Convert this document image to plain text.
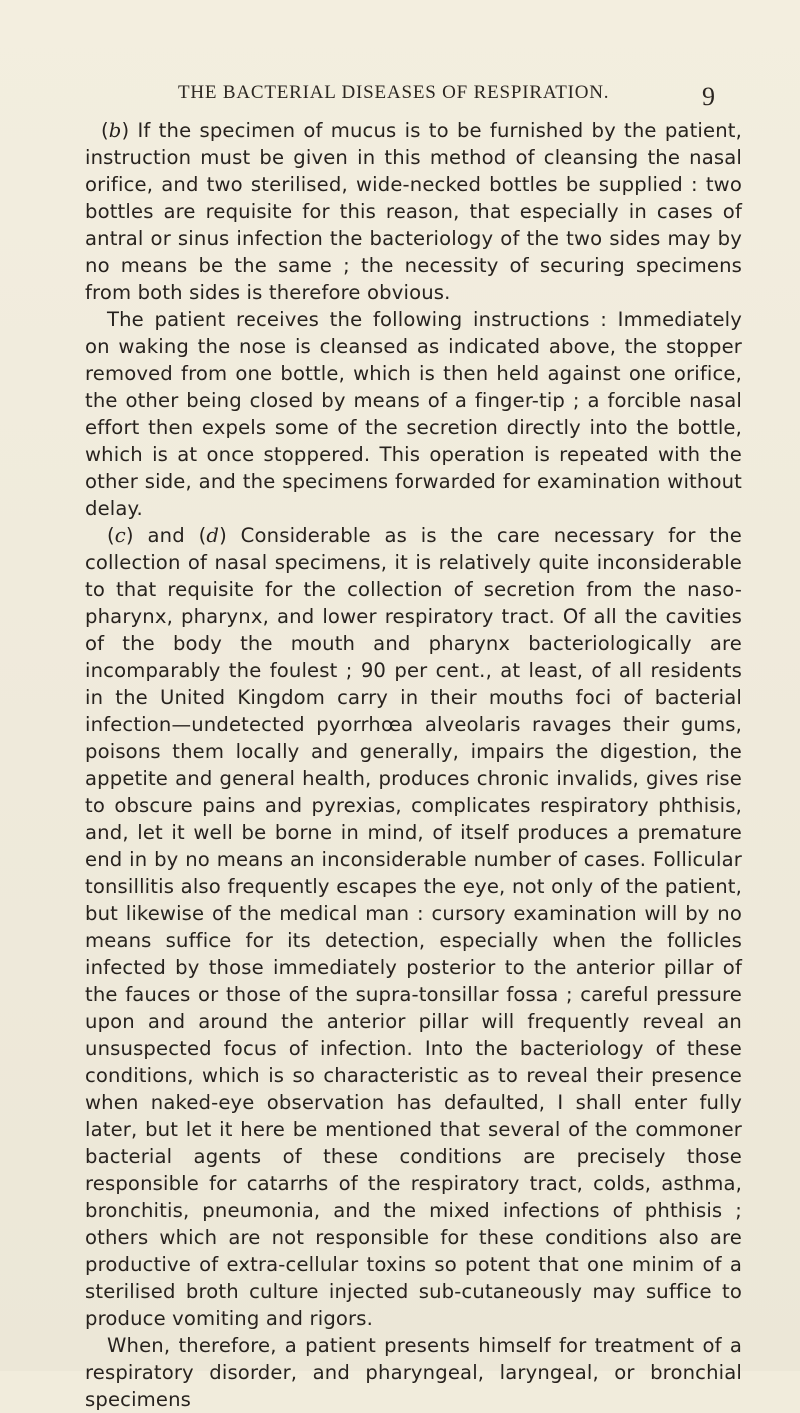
THE BACTERIAL DISEASES OF RESPIRATION.	9

(b) If the specimen of mucus is to be furnished by the patient, instruction must be given in this method of cleansing the nasal orifice, and two sterilised, wide-necked bottles be supplied : two bottles are requisite for this reason, that especially in cases of antral or sinus infection the bacteriology of the two sides may by no means be the same ; the necessity of securing specimens from both sides is therefore obvious.

The patient receives the following instructions : Immediately on waking the nose is cleansed as indicated above, the stopper removed from one bottle, which is then held against one orifice, the other being closed by means of a finger-tip ; a forcible nasal effort then expels some of the secretion directly into the bottle, which is at once stoppered. This operation is repeated with the other side, and the specimens forwarded for examination without delay.

(c) and (d) Considerable as is the care necessary for the collection of nasal specimens, it is relatively quite inconsiderable to that requisite for the collection of secretion from the naso-pharynx, pharynx, and lower respiratory tract. Of all the cavities of the body the mouth and pharynx bacteriologically are incomparably the foulest ; 90 per cent., at least, of all residents in the United Kingdom carry in their mouths foci of bacterial infection—undetected pyorrhœa alveolaris ravages their gums, poisons them locally and generally, impairs the digestion, the appetite and general health, produces chronic invalids, gives rise to obscure pains and pyrexias, complicates respiratory phthisis, and, let it well be borne in mind, of itself produces a premature end in by no means an inconsiderable number of cases. Follicular tonsillitis also frequently escapes the eye, not only of the patient, but likewise of the medical man : cursory examination will by no means suffice for its detection, especially when the follicles infected by those immediately posterior to the anterior pillar of the fauces or those of the supra-tonsillar fossa ; careful pressure upon and around the anterior pillar will frequently reveal an unsuspected focus of infection. Into the bacteriology of these conditions, which is so characteristic as to reveal their presence when naked-eye observation has defaulted, I shall enter fully later, but let it here be mentioned that several of the commoner bacterial agents of these conditions are precisely those responsible for catarrhs of the respiratory tract, colds, asthma, bronchitis, pneumonia, and the mixed infections of phthisis ; others which are not responsible for these conditions also are productive of extra-cellular toxins so potent that one minim of a sterilised broth culture injected sub-cutaneously may suffice to produce vomiting and rigors.

When, therefore, a patient presents himself for treatment of a respiratory disorder, and pharyngeal, laryngeal, or bronchial specimens
